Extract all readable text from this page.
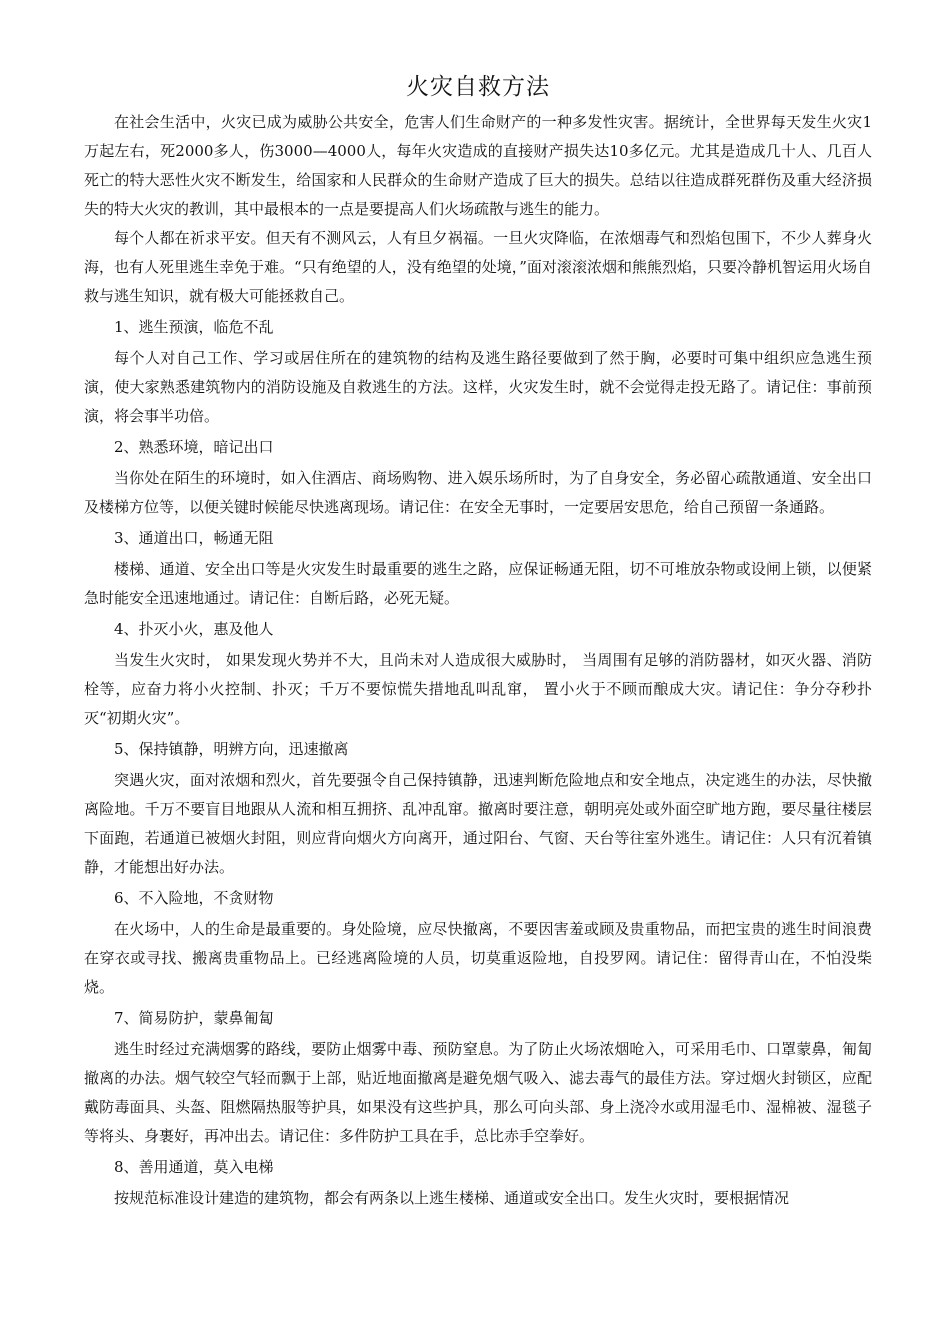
火灾自救方法

在社会生活中，火灾已成为威胁公共安全，危害人们生命财产的一种多发性灾害。据统计，全世界每天发生火灾1万起左右，死2000多人，伤3000—4000人，每年火灾造成的直接财产损失达10多亿元。尤其是造成几十人、几百人死亡的特大恶性火灾不断发生，给国家和人民群众的生命财产造成了巨大的损失。总结以往造成群死群伤及重大经济损失的特大火灾的教训，其中最根本的一点是要提高人们火场疏散与逃生的能力。

每个人都在祈求平安。但天有不测风云，人有旦夕祸福。一旦火灾降临，在浓烟毒气和烈焰包围下，不少人葬身火海，也有人死里逃生幸免于难。“只有绝望的人，没有绝望的处境，”面对滚滚浓烟和熊熊烈焰，只要冷静机智运用火场自救与逃生知识，就有极大可能拯救自己。

1、逃生预演，临危不乱

每个人对自己工作、学习或居住所在的建筑物的结构及逃生路径要做到了然于胸，必要时可集中组织应急逃生预演，使大家熟悉建筑物内的消防设施及自救逃生的方法。这样，火灾发生时，就不会觉得走投无路了。请记住：事前预演，将会事半功倍。

2、熟悉环境，暗记出口

当你处在陌生的环境时，如入住酒店、商场购物、进入娱乐场所时，为了自身安全，务必留心疏散通道、安全出口及楼梯方位等，以便关键时候能尽快逃离现场。请记住：在安全无事时，一定要居安思危，给自己预留一条通路。

3、通道出口，畅通无阻

楼梯、通道、安全出口等是火灾发生时最重要的逃生之路，应保证畅通无阻，切不可堆放杂物或设闸上锁，以便紧急时能安全迅速地通过。请记住：自断后路，必死无疑。

4、扑灭小火，惠及他人

当发生火灾时， 如果发现火势并不大，且尚未对人造成很大威胁时， 当周围有足够的消防器材，如灭火器、消防栓等，应奋力将小火控制、扑灭；千万不要惊慌失措地乱叫乱窜， 置小火于不顾而酿成大灾。请记住：争分夺秒扑灭“初期火灾”。

5、保持镇静，明辨方向，迅速撤离

突遇火灾，面对浓烟和烈火，首先要强令自己保持镇静，迅速判断危险地点和安全地点，决定逃生的办法，尽快撤离险地。千万不要盲目地跟从人流和相互拥挤、乱冲乱窜。撤离时要注意，朝明亮处或外面空旷地方跑，要尽量往楼层下面跑，若通道已被烟火封阻，则应背向烟火方向离开，通过阳台、气窗、天台等往室外逃生。请记住：人只有沉着镇静，才能想出好办法。

6、不入险地，不贪财物

在火场中，人的生命是最重要的。身处险境，应尽快撤离，不要因害羞或顾及贵重物品，而把宝贵的逃生时间浪费在穿衣或寻找、搬离贵重物品上。已经逃离险境的人员，切莫重返险地，自投罗网。请记住：留得青山在，不怕没柴烧。

7、简易防护，蒙鼻匍匐

逃生时经过充满烟雾的路线，要防止烟雾中毒、预防窒息。为了防止火场浓烟呛入，可采用毛巾、口罩蒙鼻，匍匐撤离的办法。烟气较空气轻而飘于上部，贴近地面撤离是避免烟气吸入、滤去毒气的最佳方法。穿过烟火封锁区，应配戴防毒面具、头盔、阻燃隔热服等护具，如果没有这些护具，那么可向头部、身上浇冷水或用湿毛巾、湿棉被、湿毯子等将头、身裹好，再冲出去。请记住：多件防护工具在手，总比赤手空拳好。

8、善用通道，莫入电梯

按规范标准设计建造的建筑物，都会有两条以上逃生楼梯、通道或安全出口。发生火灾时，要根据情况
